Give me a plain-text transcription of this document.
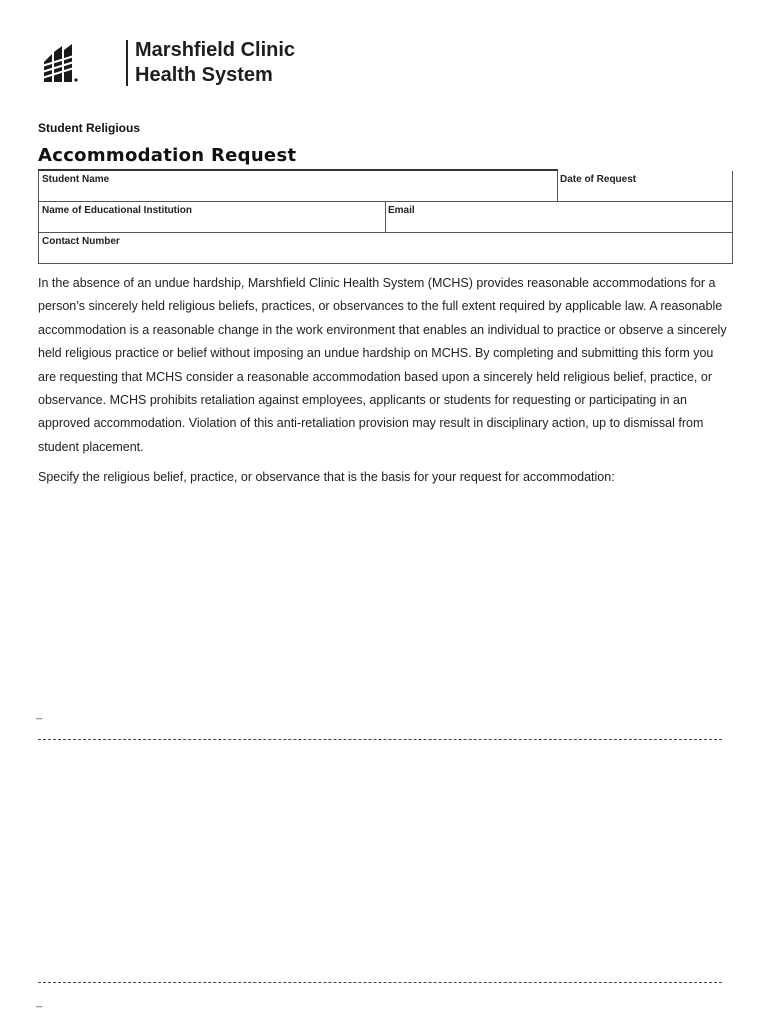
Marshfield Clinic
Health System
Student Religious
Accommodation Request
Student Name	Date of Request
Name of Educational Institution	Email
Contact Number
In the absence of an undue hardship, Marshfield Clinic Health System (MCHS) provides reasonable accommodations for a person’s sincerely held religious beliefs, practices, or observances to the full extent required by applicable law. A reasonable accommodation is a reasonable change in the work environment that enables an individual to practice or observe a sincerely held religious practice or belief without imposing an undue hardship on MCHS. By completing and submitting this form you are requesting that MCHS consider a reasonable accommodation based upon a sincerely held religious belief, practice, or observance. MCHS prohibits retaliation against employees, applicants or students for requesting or participating in an approved accommodation. Violation of this anti-retaliation provision may result in disciplinary action, up to dismissal from student placement.
Specify the religious belief, practice, or observance that is the basis for your request for accommodation:
_
_
